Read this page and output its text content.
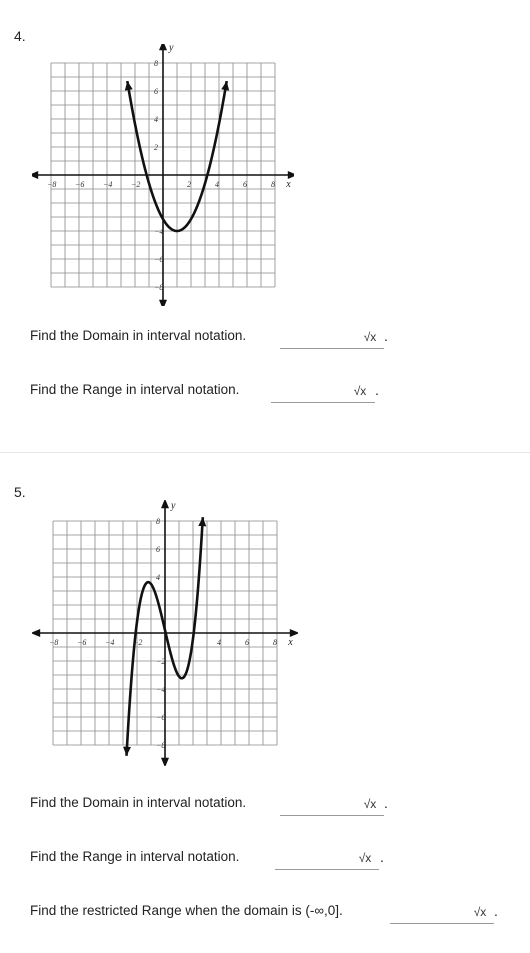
4.
−8 −6 −4 −2	2	4	6	8
8
6
4
2
−4
−6
−8
x
y
Find the Domain in interval notation.	√x .
Find the Range in interval notation.	√x .
5.
−8 −6 −4 −2	4	6	8
8
6
4
−2
−4
−6
−8
x
y
Find the Domain in interval notation.	√x .
Find the Range in interval notation.	√x .
Find the restricted Range when the domain is (-∞,0].	√x .
